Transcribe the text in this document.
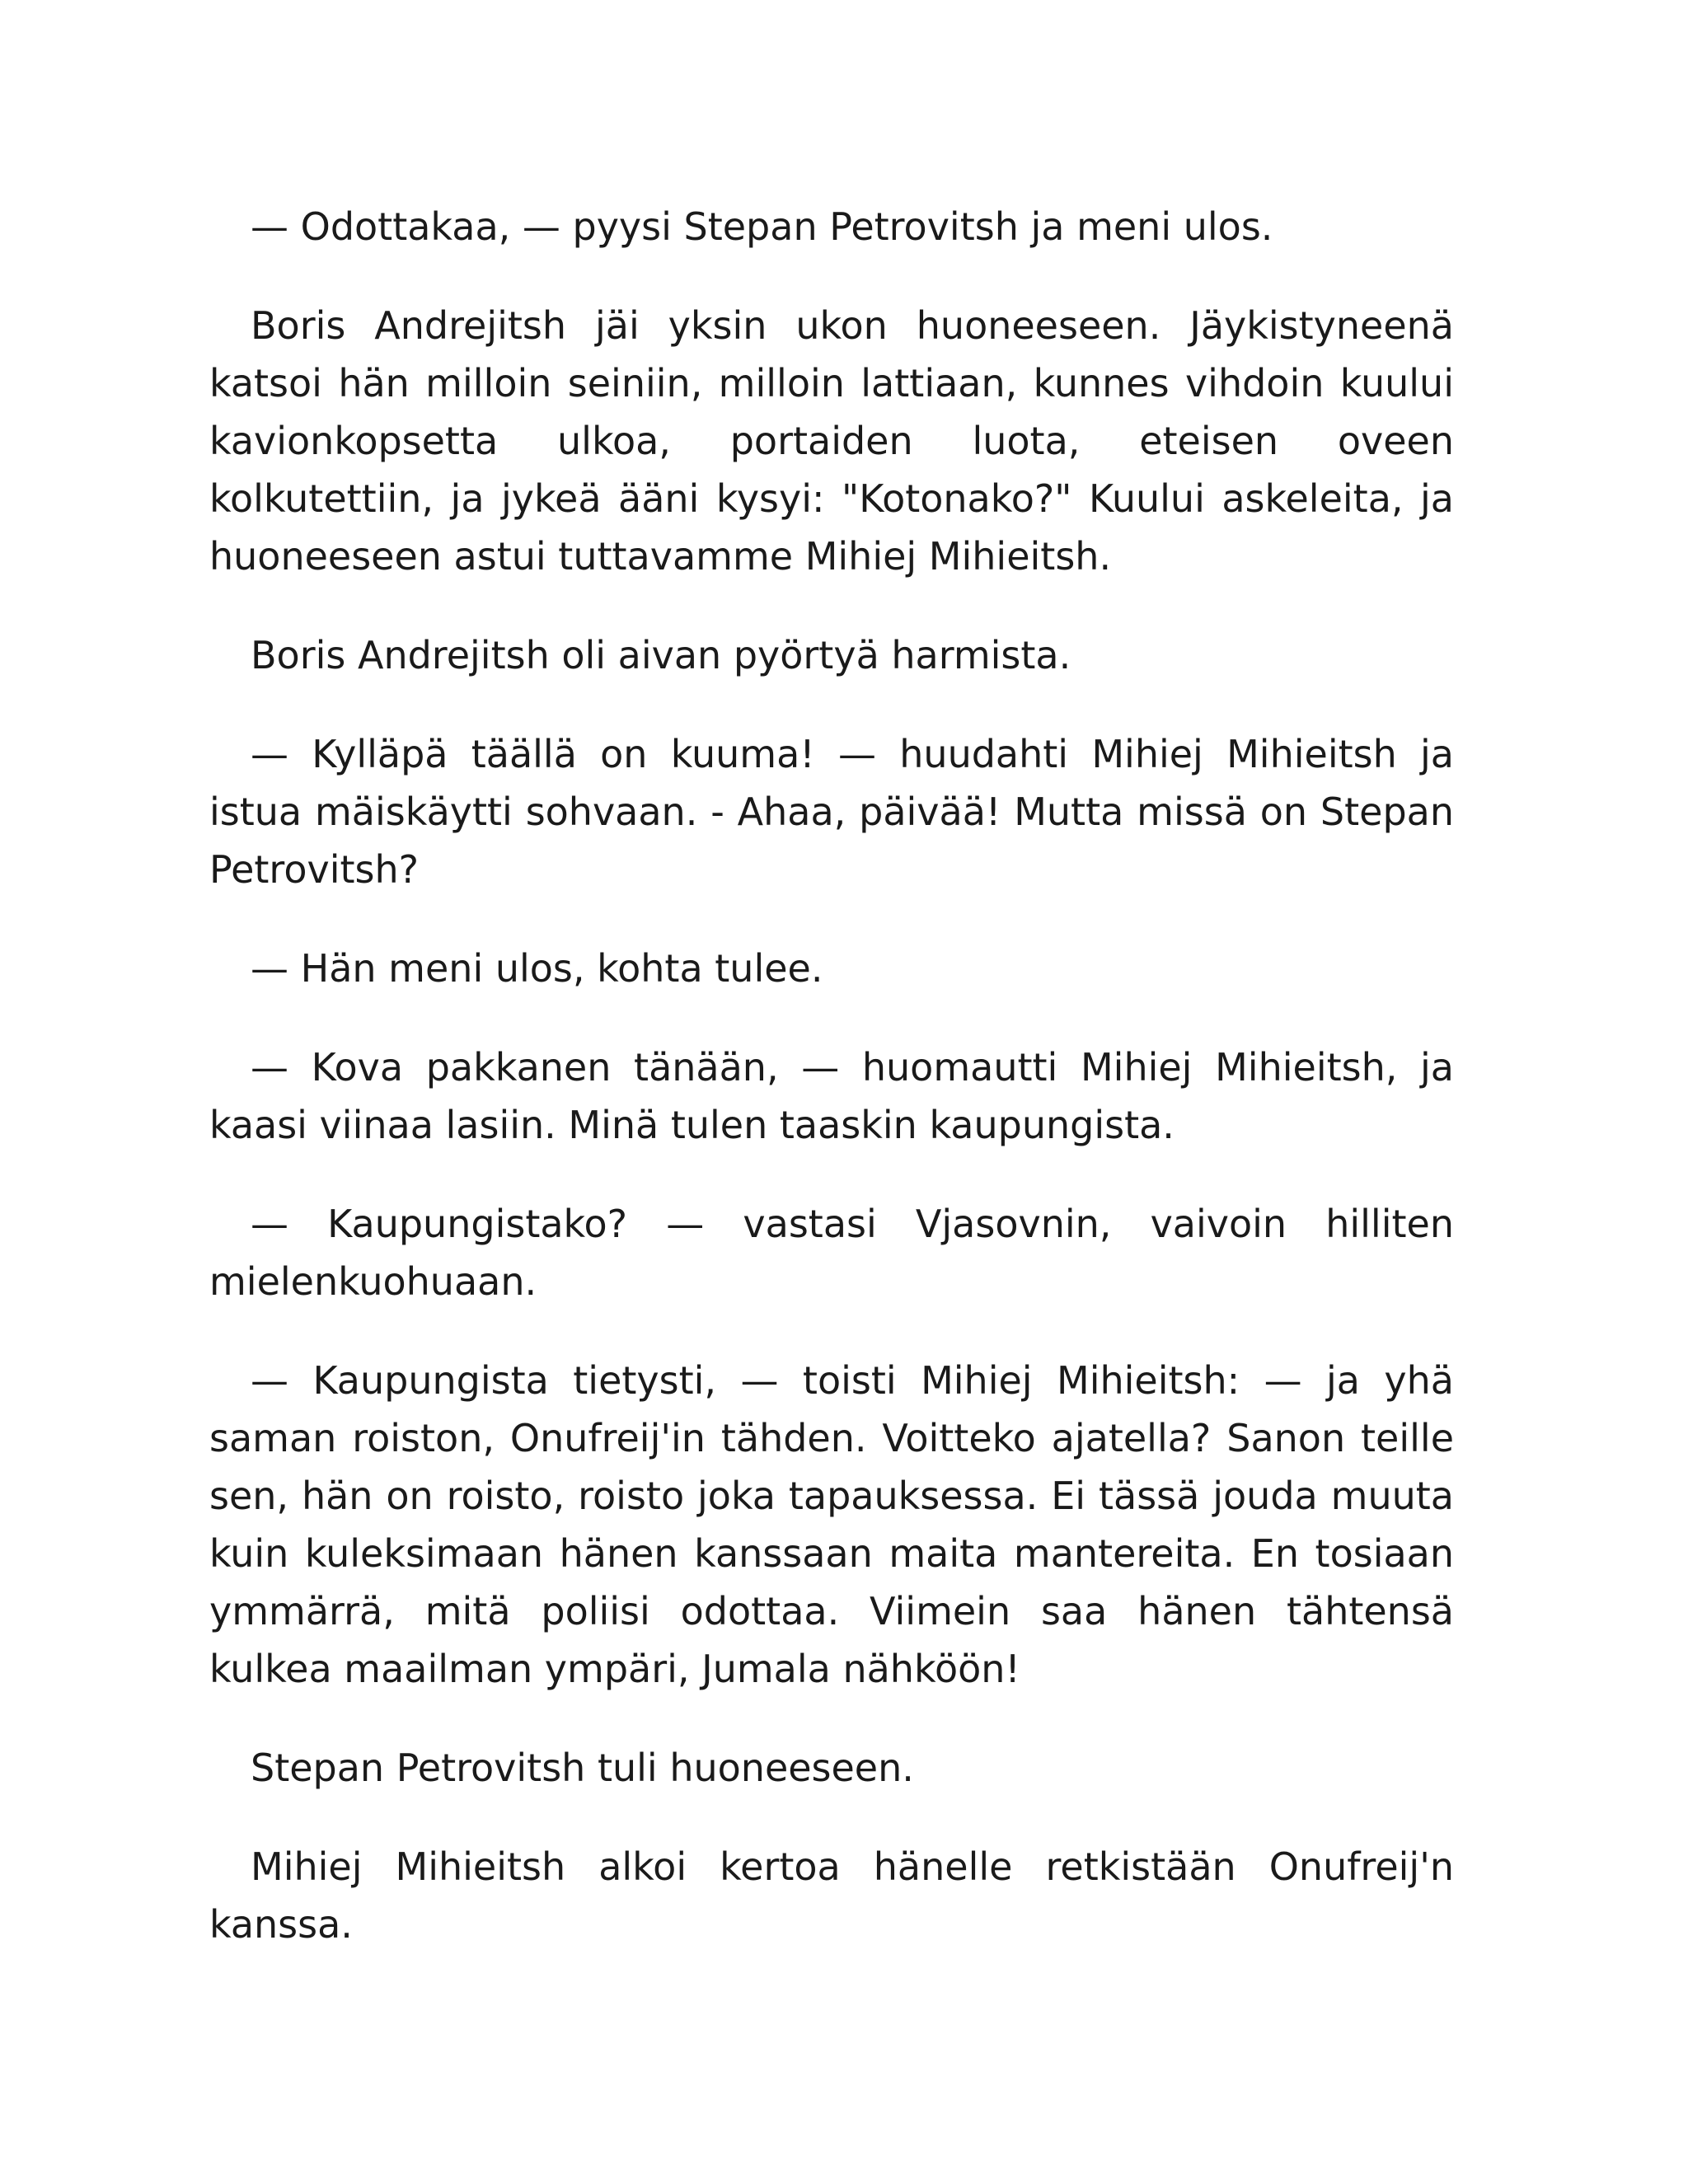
— Odottakaa, — pyysi Stepan Petrovitsh ja meni ulos.

Boris Andrejitsh jäi yksin ukon huoneeseen. Jäykistyneenä katsoi hän milloin seiniin, milloin lattiaan, kunnes vihdoin kuului kavionkopsetta ulkoa, portaiden luota, eteisen oveen kolkutettiin, ja jykeä ääni kysyi: "Kotonako?" Kuului askeleita, ja huoneeseen astui tuttavamme Mihiej Mihieitsh.

Boris Andrejitsh oli aivan pyörtyä harmista.

— Kylläpä täällä on kuuma! — huudahti Mihiej Mihieitsh ja istua mäiskäytti sohvaan. - Ahaa, päivää! Mutta missä on Stepan Petrovitsh?

— Hän meni ulos, kohta tulee.

— Kova pakkanen tänään, — huomautti Mihiej Mihieitsh, ja kaasi viinaa lasiin. Minä tulen taaskin kaupungista.

— Kaupungistako? — vastasi Vjasovnin, vaivoin hilliten mielenkuohuaan.

— Kaupungista tietysti, — toisti Mihiej Mihieitsh: — ja yhä saman roiston, Onufreij'in tähden. Voitteko ajatella? Sanon teille sen, hän on roisto, roisto joka tapauksessa. Ei tässä jouda muuta kuin kuleksimaan hänen kanssaan maita mantereita. En tosiaan ymmärrä, mitä poliisi odottaa. Viimein saa hänen tähtensä kulkea maailman ympäri, Jumala nähköön!

Stepan Petrovitsh tuli huoneeseen.

Mihiej Mihieitsh alkoi kertoa hänelle retkistään Onufreij'n kanssa.
